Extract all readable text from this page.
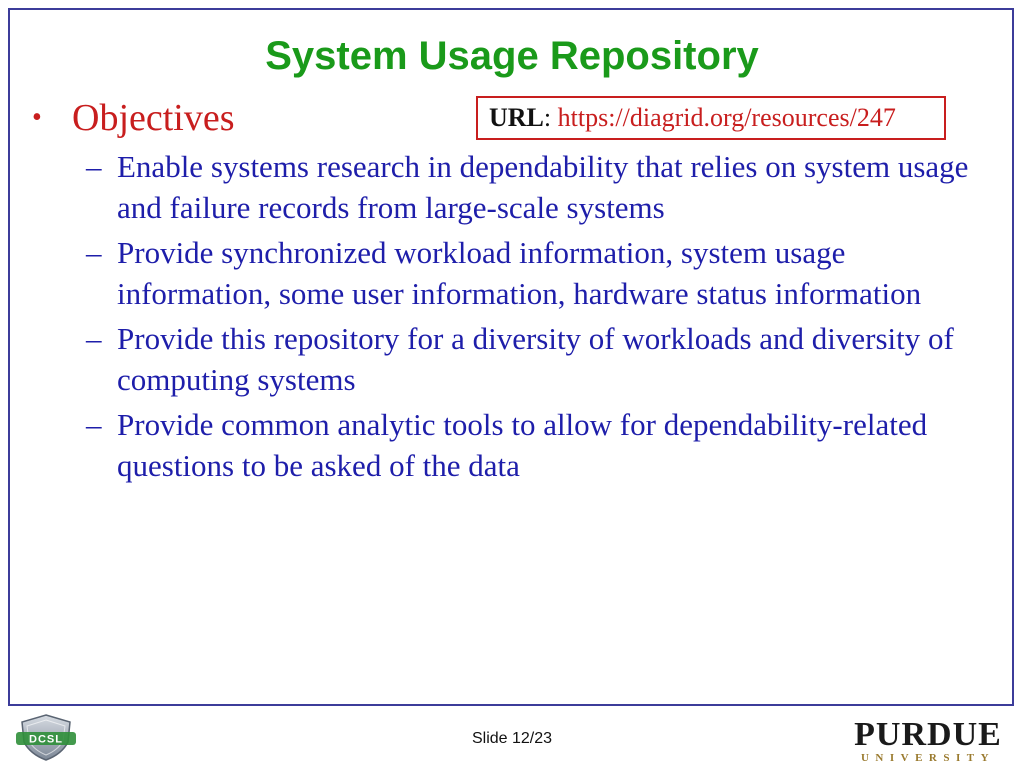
System Usage Repository
URL: https://diagrid.org/resources/247
• Objectives
– Enable systems research in dependability that relies on system usage and failure records from large-scale systems
– Provide synchronized workload information, system usage information, some user information, hardware status information
– Provide this repository for a diversity of workloads and diversity of computing systems
– Provide common analytic tools to allow for dependability-related questions to be asked of the data
Slide 12/23
DCSL	PURDUE
UNIVERSITY
